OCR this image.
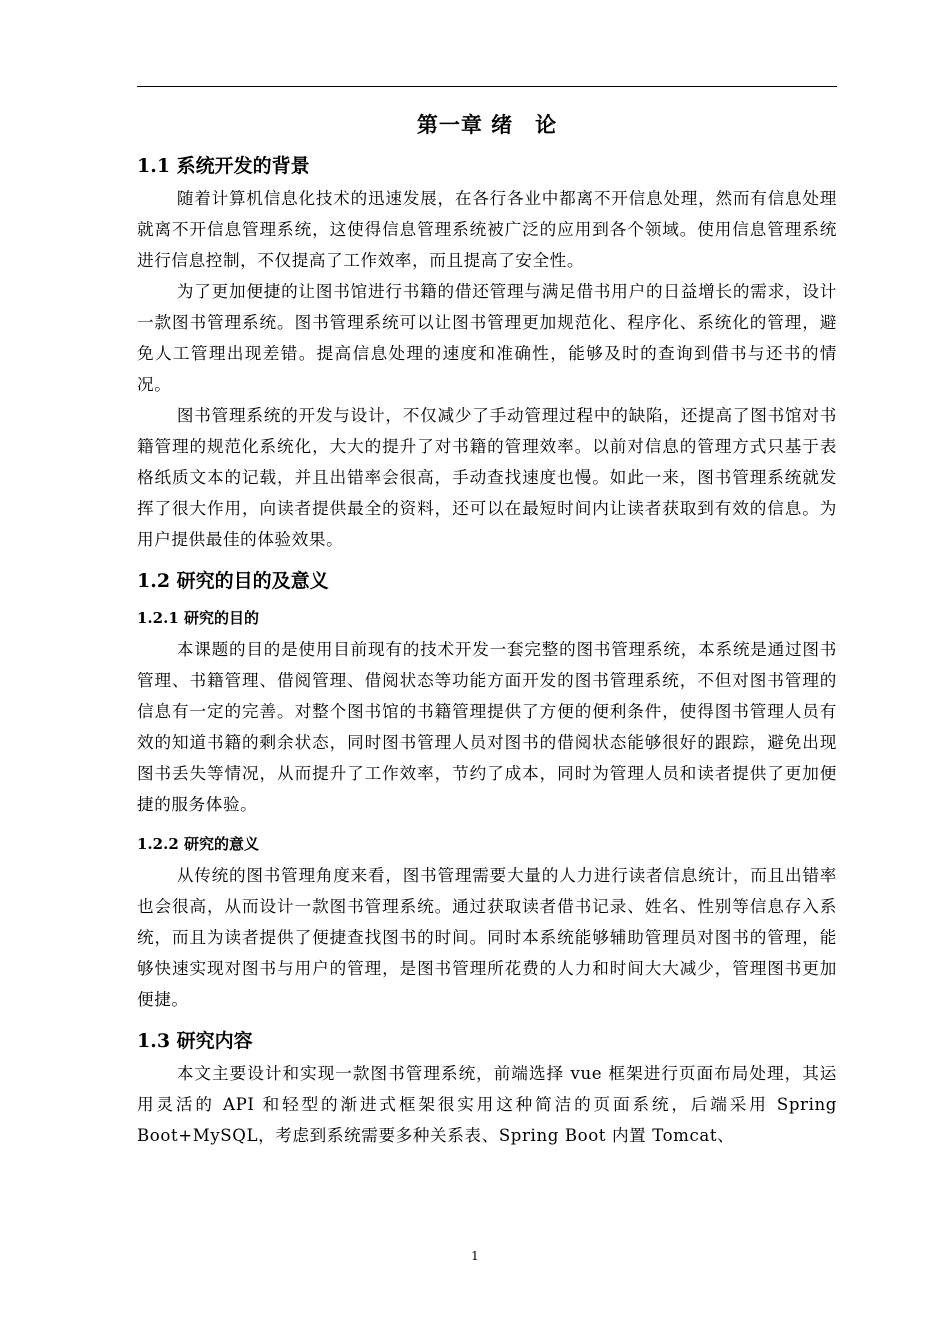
第一章 绪　论
1.1 系统开发的背景

随着计算机信息化技术的迅速发展，在各行各业中都离不开信息处理，然而有信息处理就离不开信息管理系统，这使得信息管理系统被广泛的应用到各个领域。使用信息管理系统进行信息控制，不仅提高了工作效率，而且提高了安全性。

为了更加便捷的让图书馆进行书籍的借还管理与满足借书用户的日益增长的需求，设计一款图书管理系统。图书管理系统可以让图书管理更加规范化、程序化、系统化的管理，避免人工管理出现差错。提高信息处理的速度和准确性，能够及时的查询到借书与还书的情况。

图书管理系统的开发与设计，不仅减少了手动管理过程中的缺陷，还提高了图书馆对书籍管理的规范化系统化，大大的提升了对书籍的管理效率。以前对信息的管理方式只基于表格纸质文本的记载，并且出错率会很高，手动查找速度也慢。如此一来，图书管理系统就发挥了很大作用，向读者提供最全的资料，还可以在最短时间内让读者获取到有效的信息。为用户提供最佳的体验效果。

1.2 研究的目的及意义
1.2.1 研究的目的

本课题的目的是使用目前现有的技术开发一套完整的图书管理系统，本系统是通过图书管理、书籍管理、借阅管理、借阅状态等功能方面开发的图书管理系统，不但对图书管理的信息有一定的完善。对整个图书馆的书籍管理提供了方便的便利条件，使得图书管理人员有效的知道书籍的剩余状态，同时图书管理人员对图书的借阅状态能够很好的跟踪，避免出现图书丢失等情况，从而提升了工作效率，节约了成本，同时为管理人员和读者提供了更加便捷的服务体验。

1.2.2 研究的意义

从传统的图书管理角度来看，图书管理需要大量的人力进行读者信息统计，而且出错率也会很高，从而设计一款图书管理系统。通过获取读者借书记录、姓名、性别等信息存入系统，而且为读者提供了便捷查找图书的时间。同时本系统能够辅助管理员对图书的管理，能够快速实现对图书与用户的管理，是图书管理所花费的人力和时间大大减少，管理图书更加便捷。

1.3 研究内容

本文主要设计和实现一款图书管理系统，前端选择 vue 框架进行页面布局处理，其运用灵活的 API 和轻型的渐进式框架很实用这种简洁的页面系统，后端采用 Spring Boot+MySQL，考虑到系统需要多种关系表、Spring Boot 内置 Tomcat、

1
